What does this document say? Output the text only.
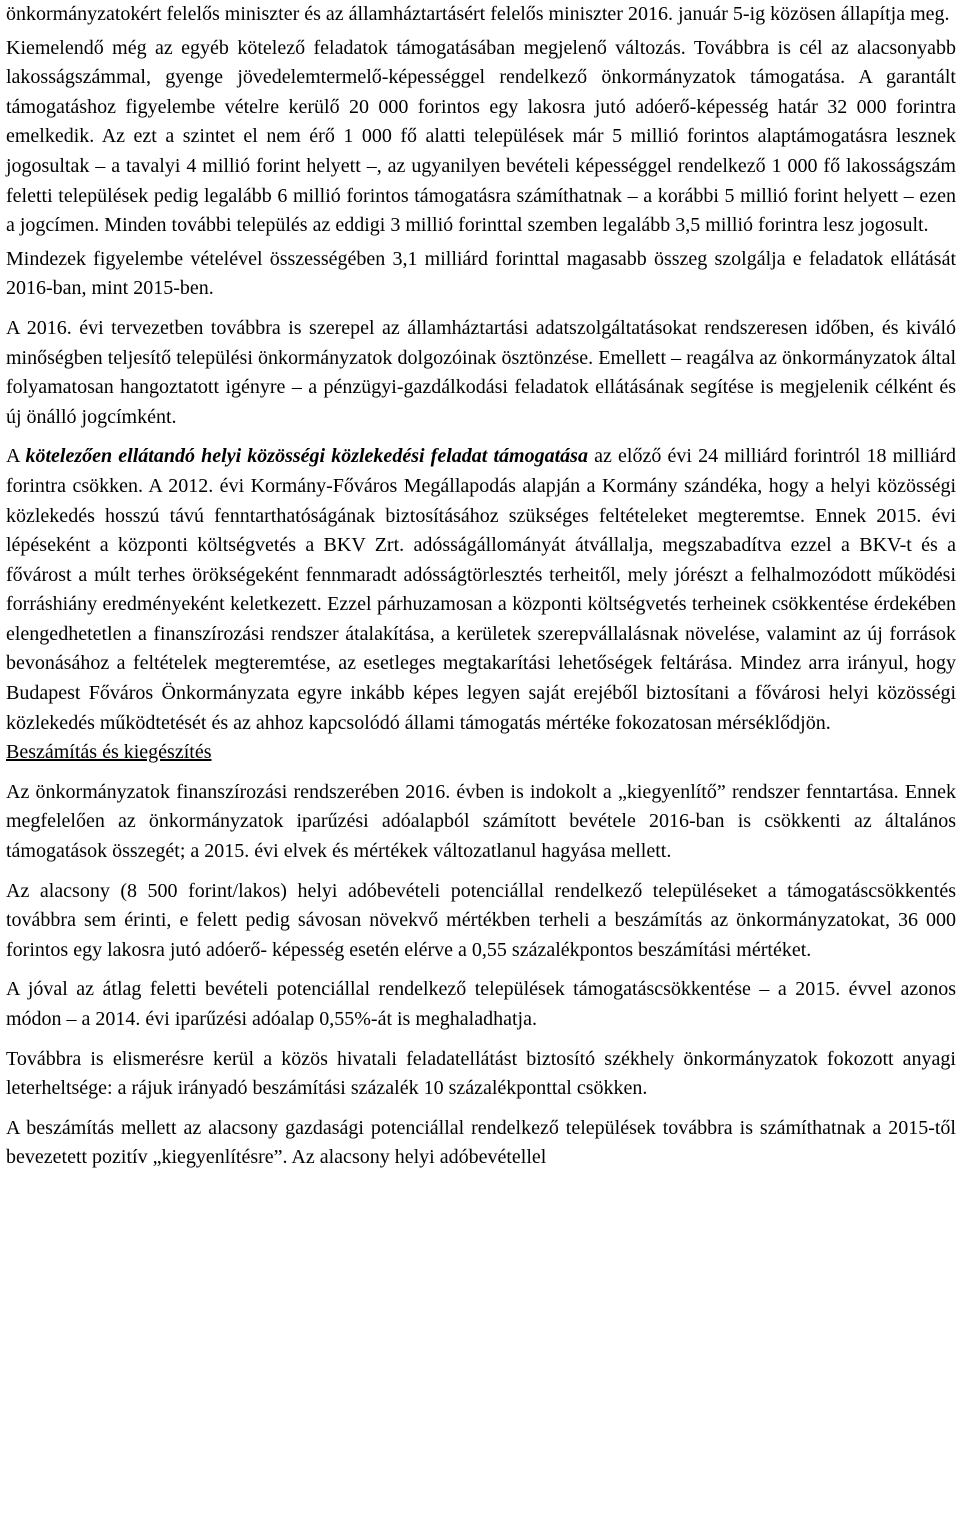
önkormányzatokért felelős miniszter és az államháztartásért felelős miniszter 2016. január 5-ig közösen állapítja meg.

Kiemelendő még az egyéb kötelező feladatok támogatásában megjelenő változás. Továbbra is cél az alacsonyabb lakosságszámmal, gyenge jövedelemtermelő-képességgel rendelkező önkormányzatok támogatása. A garantált támogatáshoz figyelembe vételre kerülő 20 000 forintos egy lakosra jutó adóerő-képesség határ 32 000 forintra emelkedik. Az ezt a szintet el nem érő 1 000 fő alatti települések már 5 millió forintos alaptámogatásra lesznek jogosultak – a tavalyi 4 millió forint helyett –, az ugyanilyen bevételi képességgel rendelkező 1 000 fő lakosságszám feletti települések pedig legalább 6 millió forintos támogatásra számíthatnak – a korábbi 5 millió forint helyett – ezen a jogcímen. Minden további település az eddigi 3 millió forinttal szemben legalább 3,5 millió forintra lesz jogosult.

Mindezek figyelembe vételével összességében 3,1 milliárd forinttal magasabb összeg szolgálja e feladatok ellátását 2016-ban, mint 2015-ben.

A 2016. évi tervezetben továbbra is szerepel az államháztartási adatszolgáltatásokat rendszeresen időben, és kiváló minőségben teljesítő települési önkormányzatok dolgozóinak ösztönzése. Emellett – reagálva az önkormányzatok által folyamatosan hangoztatott igényre – a pénzügyi-gazdálkodási feladatok ellátásának segítése is megjelenik célként és új önálló jogcímként.

A kötelezően ellátandó helyi közösségi közlekedési feladat támogatása az előző évi 24 milliárd forintról 18 milliárd forintra csökken. A 2012. évi Kormány-Főváros Megállapodás alapján a Kormány szándéka, hogy a helyi közösségi közlekedés hosszú távú fenntarthatóságának biztosításához szükséges feltételeket megteremtse. Ennek 2015. évi lépéseként a központi költségvetés a BKV Zrt. adósságállományát átvállalja, megszabadítva ezzel a BKV-t és a fővárost a múlt terhes örökségeként fennmaradt adósságtörlesztés terheitől, mely jórészt a felhalmozódott működési forráshiány eredményeként keletkezett. Ezzel párhuzamosan a központi költségvetés terheinek csökkentése érdekében elengedhetetlen a finanszírozási rendszer átalakítása, a kerületek szerepvállalásnak növelése, valamint az új források bevonásához a feltételek megteremtése, az esetleges megtakarítási lehetőségek feltárása. Mindez arra irányul, hogy Budapest Főváros Önkormányzata egyre inkább képes legyen saját erejéből biztosítani a fővárosi helyi közösségi közlekedés működtetését és az ahhoz kapcsolódó állami támogatás mértéke fokozatosan mérséklődjön.

Beszámítás és kiegészítés

Az önkormányzatok finanszírozási rendszerében 2016. évben is indokolt a „kiegyenlítő” rendszer fenntartása. Ennek megfelelően az önkormányzatok iparűzési adóalapból számított bevétele 2016-ban is csökkenti az általános támogatások összegét; a 2015. évi elvek és mértékek változatlanul hagyása mellett.

Az alacsony (8 500 forint/lakos) helyi adóbevételi potenciállal rendelkező településeket a támogatáscsökkentés továbbra sem érinti, e felett pedig sávosan növekvő mértékben terheli a beszámítás az önkormányzatokat, 36 000 forintos egy lakosra jutó adóerő- képesség esetén elérve a 0,55 százalékpontos beszámítási mértéket.

A jóval az átlag feletti bevételi potenciállal rendelkező települések támogatáscsökkentése – a 2015. évvel azonos módon – a 2014. évi iparűzési adóalap 0,55%-át is meghaladhatja.

Továbbra is elismerésre kerül a közös hivatali feladatellátást biztosító székhely önkormányzatok fokozott anyagi leterheltsége: a rájuk irányadó beszámítási százalék 10 százalékponttal csökken.

A beszámítás mellett az alacsony gazdasági potenciállal rendelkező települések továbbra is számíthatnak a 2015-től bevezetett pozitív „kiegyenlítésre”. Az alacsony helyi adóbevétellel
